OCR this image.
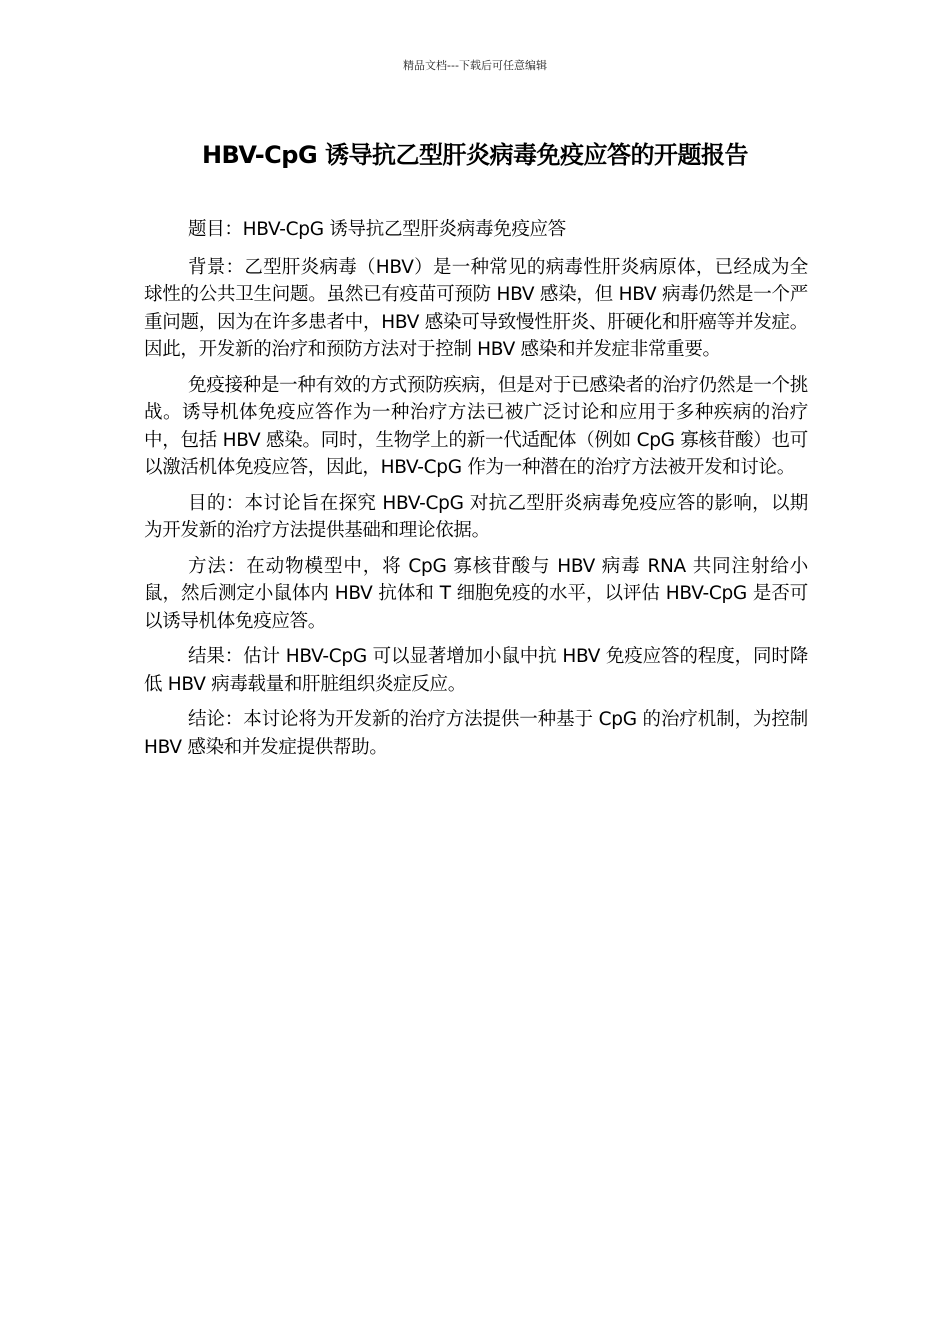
精品文档---下载后可任意编辑
HBV-CpG 诱导抗乙型肝炎病毒免疫应答的开题报告

题目：HBV-CpG 诱导抗乙型肝炎病毒免疫应答

背景：乙型肝炎病毒（HBV）是一种常见的病毒性肝炎病原体，已经成为全球性的公共卫生问题。虽然已有疫苗可预防 HBV 感染，但 HBV 病毒仍然是一个严重问题，因为在许多患者中，HBV 感染可导致慢性肝炎、肝硬化和肝癌等并发症。因此，开发新的治疗和预防方法对于控制 HBV 感染和并发症非常重要。

免疫接种是一种有效的方式预防疾病，但是对于已感染者的治疗仍然是一个挑战。诱导机体免疫应答作为一种治疗方法已被广泛讨论和应用于多种疾病的治疗中，包括 HBV 感染。同时，生物学上的新一代适配体（例如 CpG 寡核苷酸）也可以激活机体免疫应答，因此，HBV-CpG 作为一种潜在的治疗方法被开发和讨论。

目的：本讨论旨在探究 HBV-CpG 对抗乙型肝炎病毒免疫应答的影响，以期为开发新的治疗方法提供基础和理论依据。

方法：在动物模型中，将 CpG 寡核苷酸与 HBV 病毒 RNA 共同注射给小鼠，然后测定小鼠体内 HBV 抗体和 T 细胞免疫的水平，以评估 HBV-CpG 是否可以诱导机体免疫应答。

结果：估计 HBV-CpG 可以显著增加小鼠中抗 HBV 免疫应答的程度，同时降低 HBV 病毒载量和肝脏组织炎症反应。

结论：本讨论将为开发新的治疗方法提供一种基于 CpG 的治疗机制，为控制 HBV 感染和并发症提供帮助。
